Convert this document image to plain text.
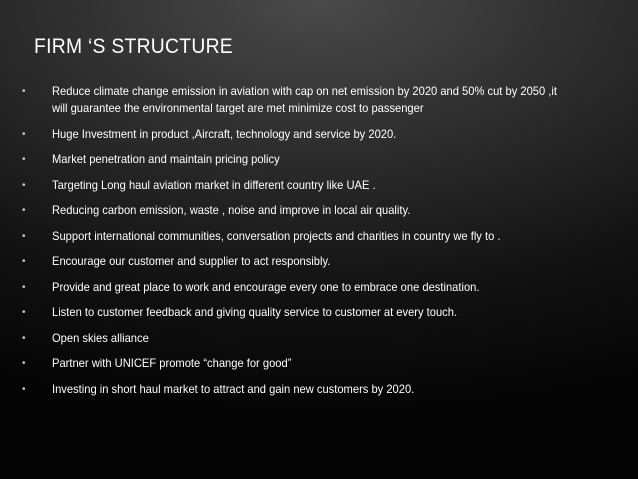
FIRM ‘S STRUCTURE
•	Reduce climate change emission in aviation with cap on net emission by 2020 and 50% cut by 2050 ,it will guarantee the environmental target are met minimize cost to passenger
•	Huge Investment in product ,Aircraft, technology and service by 2020.
•	Market penetration and maintain pricing policy
•	Targeting Long haul aviation market in different country like UAE .
•	Reducing carbon emission, waste , noise and improve in local air quality.
•	Support international communities, conversation projects and charities in country we fly to .
•	Encourage our customer and supplier to act responsibly.
•	Provide and great place to work and encourage every one to embrace one destination.
•	Listen to customer feedback and giving quality service to customer at every touch.
•	Open skies alliance
•	Partner with UNICEF promote “change for good”
•	Investing in short haul market to attract and gain new customers by 2020.
